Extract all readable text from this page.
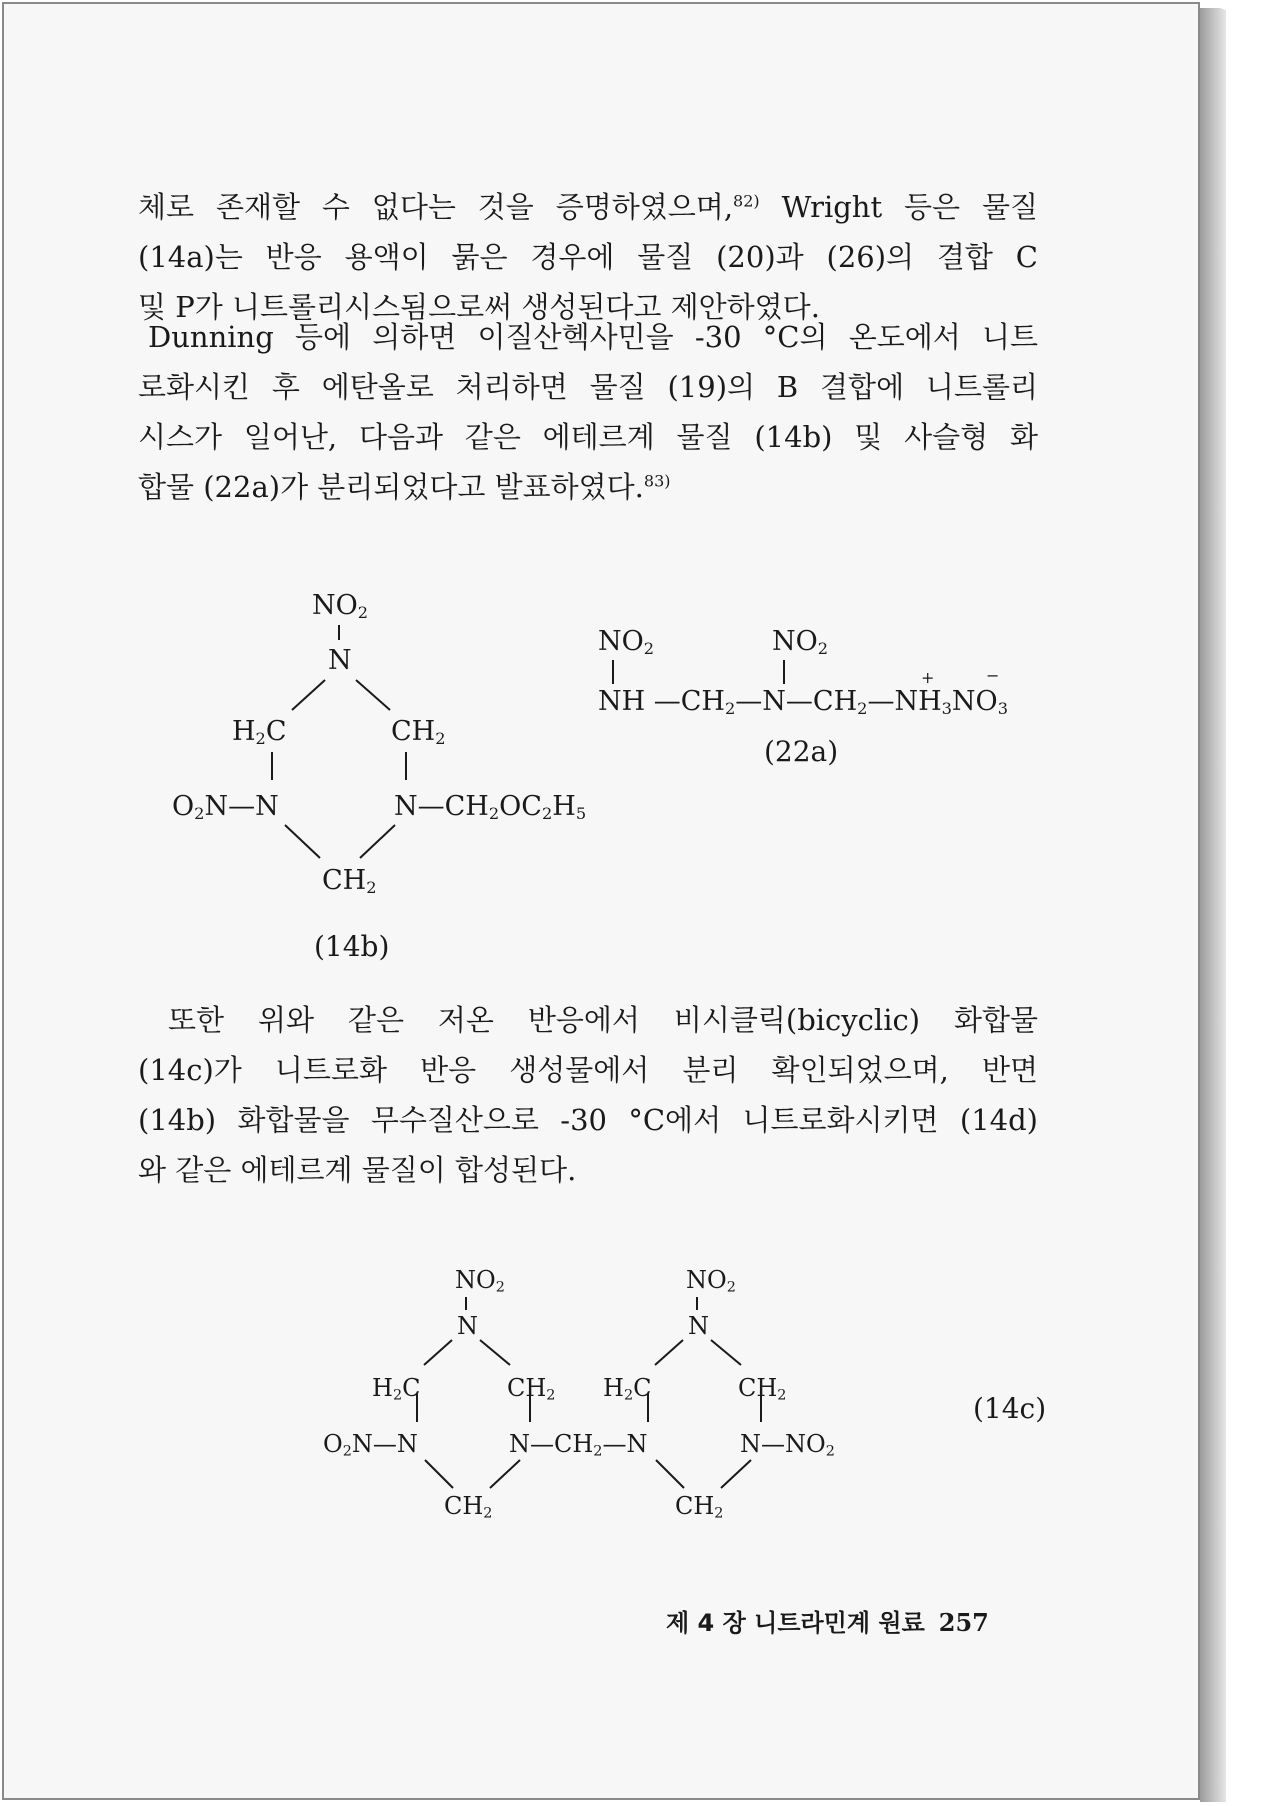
체로 존재할 수 없다는 것을 증명하였으며,$^{82)}$ Wright 등은 물질
(14a)는 반응 용액이 묽은 경우에 물질 (20)과 (26)의 결합 C
및 P가 니트롤리시스됨으로써 생성된다고 제안하였다.
Dunning 등에 의하면 이질산헥사민을 -30 °C의 온도에서 니트
로화시킨 후 에탄올로 처리하면 물질 (19)의 B 결합에 니트롤리
시스가 일어난, 다음과 같은 에테르계 물질 (14b) 및 사슬형 화
합물 (22a)가 분리되었다고 발표하였다.$^{83)}$
$NO_2$
N
$H_2C$	$CH_2$
$O_2N—N$	$N—CH_2OC_2H_5$
$CH_2$
(14b)
$NO_2$	$NO_2$
NH $—CH_2—N—CH_2—NH_3NO_3$
+	−
(22a)
또한 위와 같은 저온 반응에서 비시클릭(bicyclic) 화합물
(14c)가 니트로화 반응 생성물에서 분리 확인되었으며, 반면
(14b) 화합물을 무수질산으로 -30 °C에서 니트로화시키면 (14d)
와 같은 에테르계 물질이 합성된다.
$NO_2$
N
$H_2C$	$CH_2$
$O_2N—N$	$N—CH_2—N$
$CH_2$
$NO_2$
N
$H_2C$	$CH_2$
$N—NO_2$
$CH_2$
(14c)
제 4 장 니트라민계 원료 257
